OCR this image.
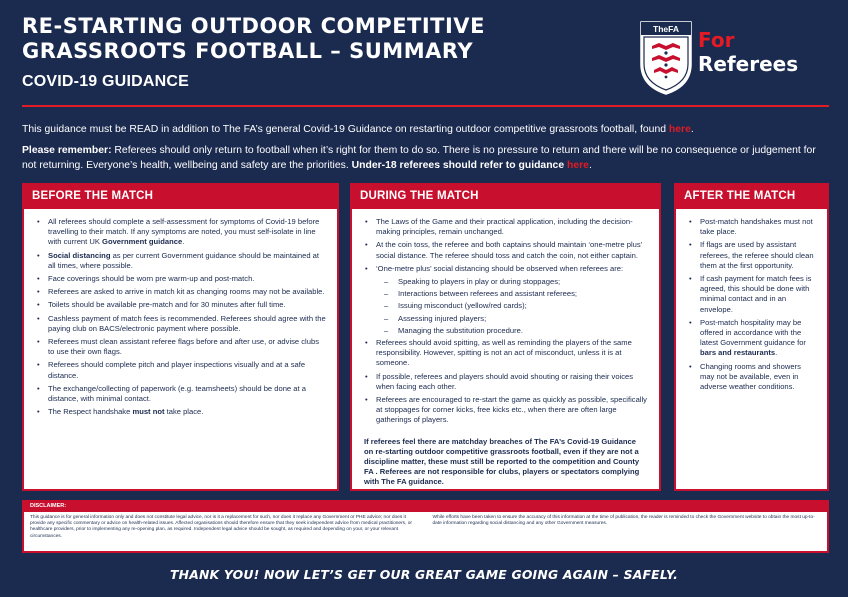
RE-STARTING OUTDOOR COMPETITIVE
GRASSROOTS FOOTBALL – SUMMARY
COVID-19 GUIDANCE
TheFA For
Referees

This guidance must be READ in addition to The FA’s general Covid-19 Guidance on restarting outdoor competitive grassroots football, found here.

Please remember: Referees should only return to football when it’s right for them to do so. There is no pressure to return and there will be no consequence or judgement for not returning. Everyone’s health, wellbeing and safety are the priorities. Under-18 referees should refer to guidance here.

BEFORE THE MATCH
• All referees should complete a self-assessment for symptoms of Covid-19 before travelling to their match. If any symptoms are noted, you must self-isolate in line with current UK Government guidance.
• Social distancing as per current Government guidance should be maintained at all times, where possible.
• Face coverings should be worn pre warm-up and post-match.
• Referees are asked to arrive in match kit as changing rooms may not be available.
• Toilets should be available pre-match and for 30 minutes after full time.
• Cashless payment of match fees is recommended. Referees should agree with the paying club on BACS/electronic payment where possible.
• Referees must clean assistant referee flags before and after use, or advise clubs to use their own flags.
• Referees should complete pitch and player inspections visually and at a safe distance.
• The exchange/collecting of paperwork (e.g. teamsheets) should be done at a distance, with minimal contact.
• The Respect handshake must not take place.
DURING THE MATCH
• The Laws of the Game and their practical application, including the decision-making principles, remain unchanged.
• At the coin toss, the referee and both captains should maintain ‘one-metre plus’ social distance. The referee should toss and catch the coin, not either captain.
• ‘One-metre plus’ social distancing should be observed when referees are:
– Speaking to players in play or during stoppages;
– Interactions between referees and assistant referees;
– Issuing misconduct (yellow/red cards);
– Assessing injured players;
– Managing the substitution procedure.
• Referees should avoid spitting, as well as reminding the players of the same responsibility. However, spitting is not an act of misconduct, unless it is at someone.
• If possible, referees and players should avoid shouting or raising their voices when facing each other.
• Referees are encouraged to re-start the game as quickly as possible, specifically at stoppages for corner kicks, free kicks etc., when there are often large gatherings of players.
If referees feel there are matchday breaches of The FA’s Covid-19 Guidance on re-starting outdoor competitive grassroots football, even if they are not a discipline matter, these must still be reported to the competition and County FA . Referees are not responsible for clubs, players or spectators complying with The FA guidance.
AFTER THE MATCH
• Post-match handshakes must not take place.
• If flags are used by assistant referees, the referee should clean them at the first opportunity.
• If cash payment for match fees is agreed, this should be done with minimal contact and in an envelope.
• Post-match hospitality may be offered in accordance with the latest Government guidance for bars and restaurants.
• Changing rooms and showers may not be available, even in adverse weather conditions.
DISCLAIMER:
This guidance is for general information only and does not constitute legal advice, nor is it a replacement for such, nor does it replace any Government or PHE advice; nor does it provide any specific commentary or advice on health-related issues. Affected organisations should therefore ensure that they seek independent advice from medical practitioners, or healthcare providers, prior to implementing any re-opening plan, as required. Independent legal advice should be sought, as required and depending on your, or your relevant circumstances.
While efforts have been taken to ensure the accuracy of this information at the time of publication, the reader is reminded to check the Government website to obtain the most up-to-date information regarding social distancing and any other Government measures.
THANK YOU! NOW LET’S GET OUR GREAT GAME GOING AGAIN – SAFELY.
